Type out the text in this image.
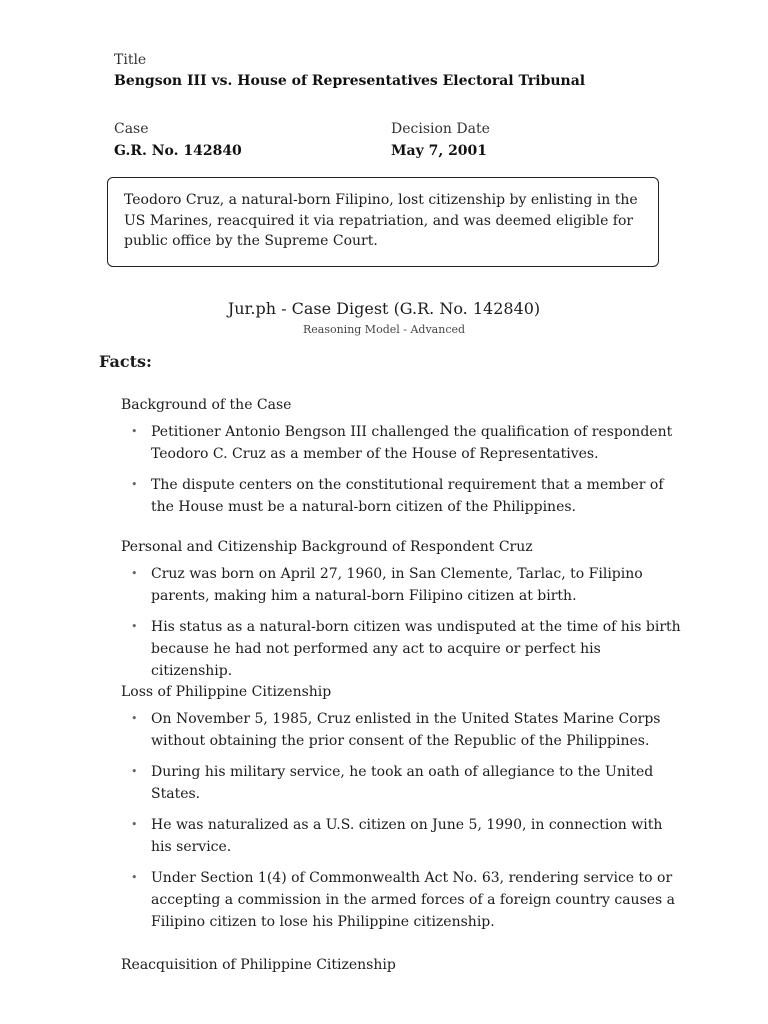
Title
Bengson III vs. House of Representatives Electoral Tribunal
Case
G.R. No. 142840
Decision Date
May 7, 2001
Teodoro Cruz, a natural-born Filipino, lost citizenship by enlisting in the US Marines, reacquired it via repatriation, and was deemed eligible for public office by the Supreme Court.
Jur.ph - Case Digest (G.R. No. 142840)
Reasoning Model - Advanced
Facts:
Background of the Case
• Petitioner Antonio Bengson III challenged the qualification of respondent Teodoro C. Cruz as a member of the House of Representatives.
• The dispute centers on the constitutional requirement that a member of the House must be a natural-born citizen of the Philippines.
Personal and Citizenship Background of Respondent Cruz
• Cruz was born on April 27, 1960, in San Clemente, Tarlac, to Filipino parents, making him a natural-born Filipino citizen at birth.
• His status as a natural-born citizen was undisputed at the time of his birth because he had not performed any act to acquire or perfect his citizenship.
Loss of Philippine Citizenship
• On November 5, 1985, Cruz enlisted in the United States Marine Corps without obtaining the prior consent of the Republic of the Philippines.
• During his military service, he took an oath of allegiance to the United States.
• He was naturalized as a U.S. citizen on June 5, 1990, in connection with his service.
• Under Section 1(4) of Commonwealth Act No. 63, rendering service to or accepting a commission in the armed forces of a foreign country causes a Filipino citizen to lose his Philippine citizenship.
Reacquisition of Philippine Citizenship
